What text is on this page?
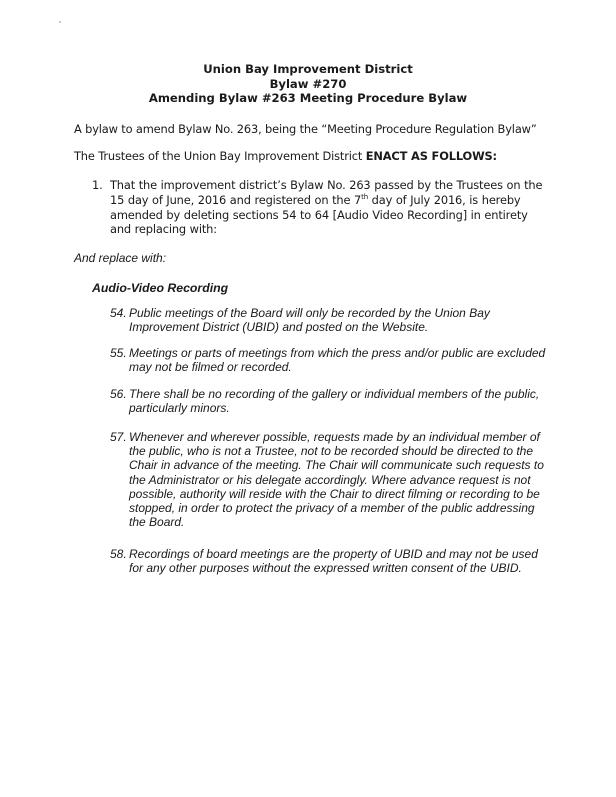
Union Bay Improvement District
Bylaw #270
Amending Bylaw #263 Meeting Procedure Bylaw
A bylaw to amend Bylaw No. 263, being the “Meeting Procedure Regulation Bylaw”
The Trustees of the Union Bay Improvement District ENACT AS FOLLOWS:
1. That the improvement district’s Bylaw No. 263 passed by the Trustees on the 15 day of June, 2016 and registered on the 7th day of July 2016, is hereby amended by deleting sections 54 to 64 [Audio Video Recording] in entirety and replacing with:
And replace with:
Audio-Video Recording
54. Public meetings of the Board will only be recorded by the Union Bay Improvement District (UBID) and posted on the Website.
55. Meetings or parts of meetings from which the press and/or public are excluded may not be filmed or recorded.
56. There shall be no recording of the gallery or individual members of the public, particularly minors.
57. Whenever and wherever possible, requests made by an individual member of the public, who is not a Trustee, not to be recorded should be directed to the Chair in advance of the meeting. The Chair will communicate such requests to the Administrator or his delegate accordingly. Where advance request is not possible, authority will reside with the Chair to direct filming or recording to be stopped, in order to protect the privacy of a member of the public addressing the Board.
58. Recordings of board meetings are the property of UBID and may not be used for any other purposes without the expressed written consent of the UBID.
